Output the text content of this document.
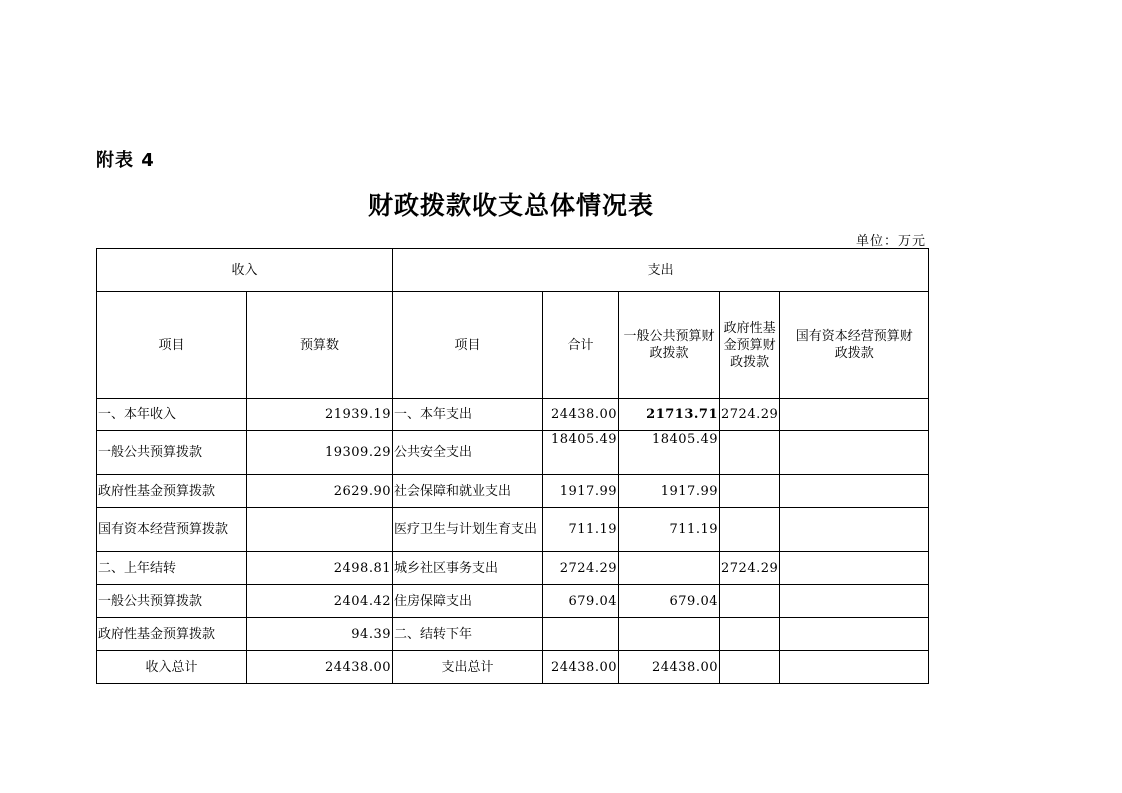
附表 4
财政拨款收支总体情况表
单位：万元
收入		支出				
项目	预算数	项目	合计	一般公共预算财政拨款	政府性基金预算财政拨款	国有资本经营预算财政拨款
一、本年收入	21939.19	一、本年支出	24438.00	21713.71	2724.29	
一般公共预算拨款	19309.29	公共安全支出	18405.49	18405.49		
政府性基金预算拨款	2629.90	社会保障和就业支出	1917.99	1917.99		
国有资本经营预算拨款		医疗卫生与计划生育支出	711.19	711.19		
二、上年结转	2498.81	城乡社区事务支出	2724.29		2724.29	
一般公共预算拨款	2404.42	住房保障支出	679.04	679.04		
政府性基金预算拨款	94.39	二、结转下年				
收入总计	24438.00	支出总计	24438.00	24438.00		
